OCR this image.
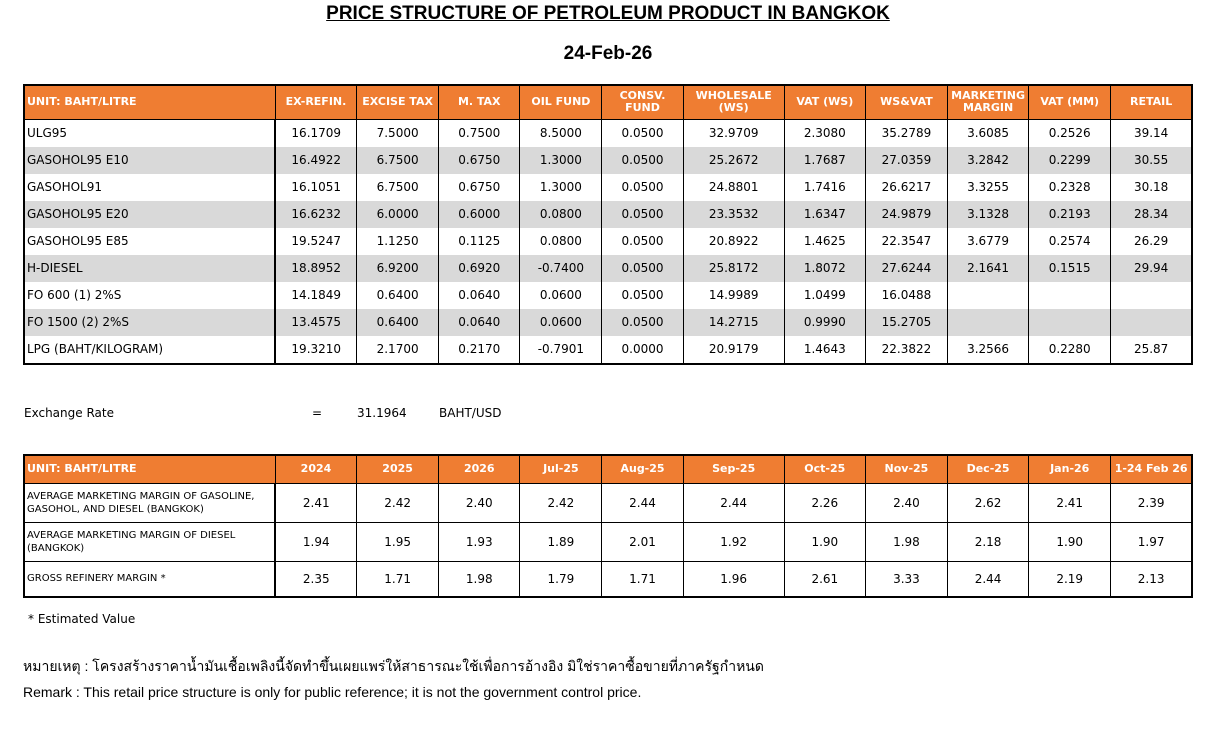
PRICE STRUCTURE OF PETROLEUM PRODUCT IN BANGKOK
24-Feb-26
UNIT: BAHT/LITRE	EX-REFIN.	EXCISE TAX	M. TAX	OIL FUND	CONSV. FUND	WHOLESALE (WS)	VAT (WS)	WS&VAT	MARKETING MARGIN	VAT (MM)	RETAIL
ULG95	16.1709	7.5000	0.7500	8.5000	0.0500	32.9709	2.3080	35.2789	3.6085	0.2526	39.14
GASOHOL95 E10	16.4922	6.7500	0.6750	1.3000	0.0500	25.2672	1.7687	27.0359	3.2842	0.2299	30.55
GASOHOL91	16.1051	6.7500	0.6750	1.3000	0.0500	24.8801	1.7416	26.6217	3.3255	0.2328	30.18
GASOHOL95 E20	16.6232	6.0000	0.6000	0.0800	0.0500	23.3532	1.6347	24.9879	3.1328	0.2193	28.34
GASOHOL95 E85	19.5247	1.1250	0.1125	0.0800	0.0500	20.8922	1.4625	22.3547	3.6779	0.2574	26.29
H-DIESEL	18.8952	6.9200	0.6920	-0.7400	0.0500	25.8172	1.8072	27.6244	2.1641	0.1515	29.94
FO 600 (1) 2%S	14.1849	0.6400	0.0640	0.0600	0.0500	14.9989	1.0499	16.0488			
FO 1500 (2) 2%S	13.4575	0.6400	0.0640	0.0600	0.0500	14.2715	0.9990	15.2705			
LPG (BAHT/KILOGRAM)	19.3210	2.1700	0.2170	-0.7901	0.0000	20.9179	1.4643	22.3822	3.2566	0.2280	25.87
Exchange Rate	=	31.1964	BAHT/USD
UNIT: BAHT/LITRE	2024	2025	2026	Jul-25	Aug-25	Sep-25	Oct-25	Nov-25	Dec-25	Jan-26	1-24 Feb 26
AVERAGE MARKETING MARGIN OF GASOLINE, GASOHOL, AND DIESEL (BANGKOK)	2.41	2.42	2.40	2.42	2.44	2.44	2.26	2.40	2.62	2.41	2.39
AVERAGE MARKETING MARGIN OF DIESEL (BANGKOK)	1.94	1.95	1.93	1.89	2.01	1.92	1.90	1.98	2.18	1.90	1.97
GROSS REFINERY MARGIN *	2.35	1.71	1.98	1.79	1.71	1.96	2.61	3.33	2.44	2.19	2.13
* Estimated Value
หมายเหตุ : โครงสร้างราคาน้ำมันเชื้อเพลิงนี้จัดทำขึ้นเผยแพร่ให้สาธารณะใช้เพื่อการอ้างอิง มิใช่ราคาซื้อขายที่ภาครัฐกำหนด
Remark : This retail price structure is only for public reference; it is not the government control price.
